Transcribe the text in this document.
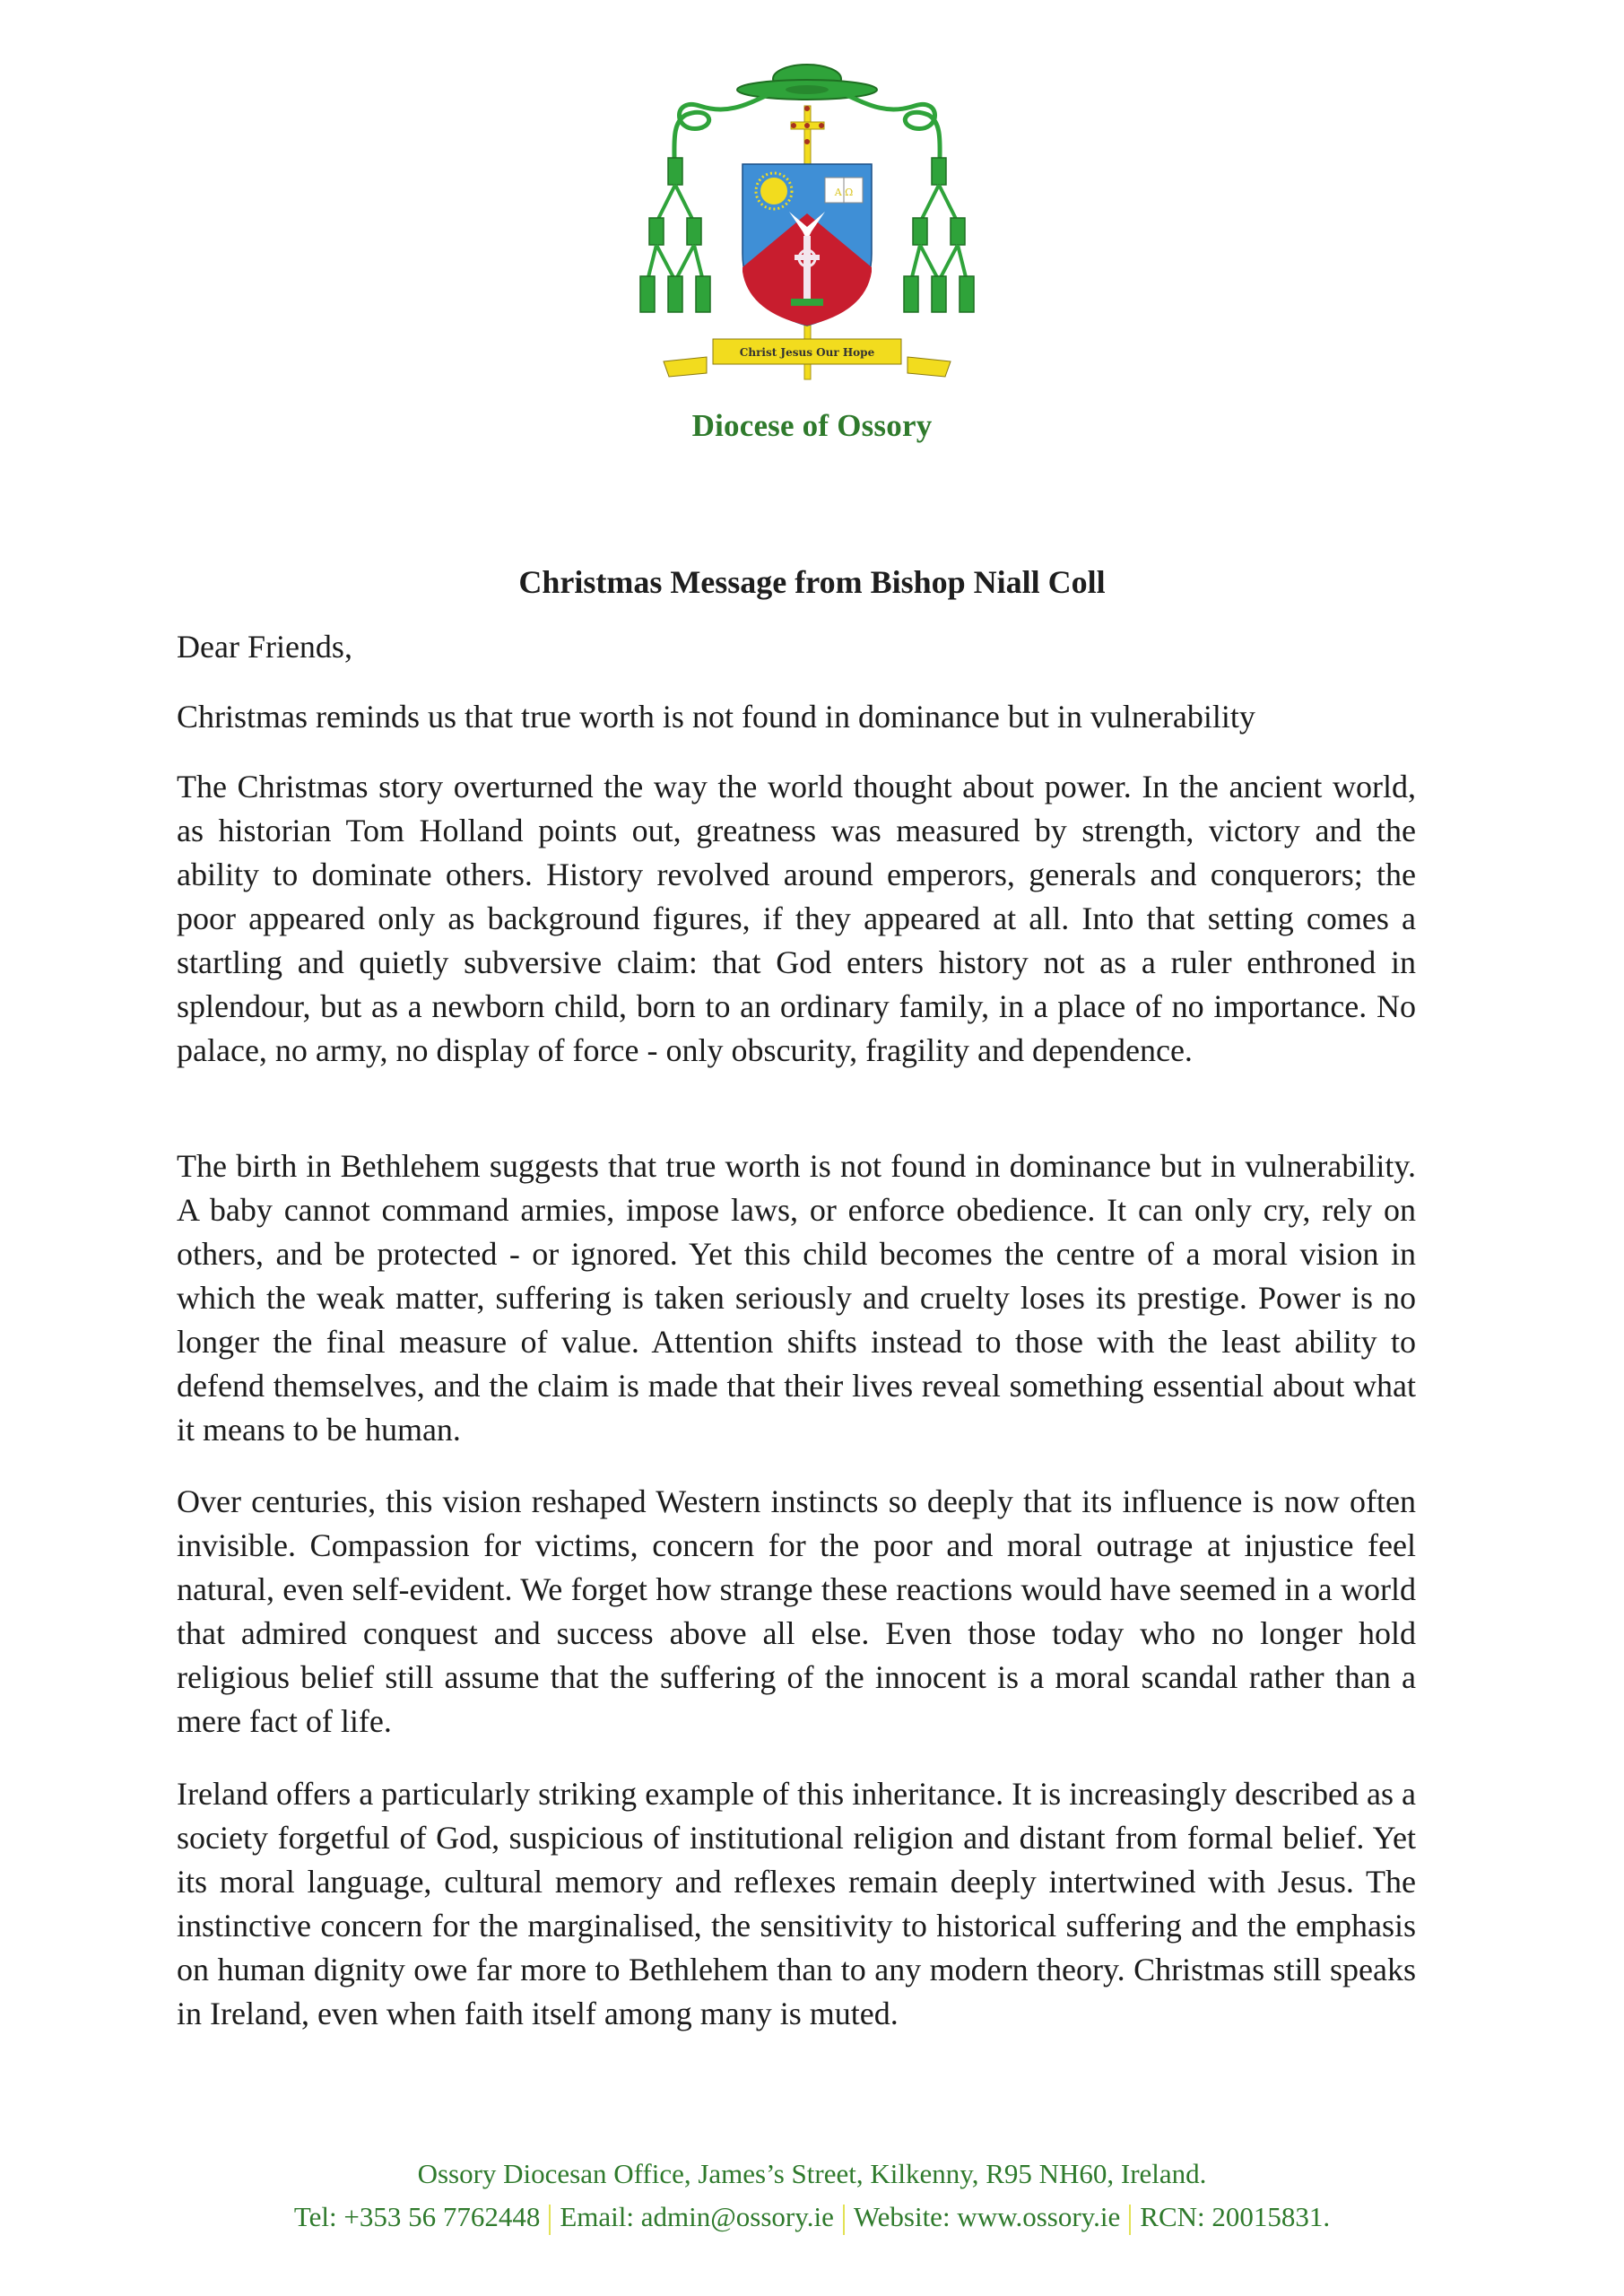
Α Ω
Christ Jesus Our Hope
Diocese of Ossory
Christmas Message from Bishop Niall Coll
Dear Friends,
Christmas reminds us that true worth is not found in dominance but in vulnerability

The Christmas story overturned the way the world thought about power. In the ancient world, as historian Tom Holland points out, greatness was measured by strength, victory and the ability to dominate others. History revolved around emperors, generals and conquerors; the poor appeared only as background figures, if they appeared at all. Into that setting comes a startling and quietly subversive claim: that God enters history not as a ruler enthroned in splendour, but as a newborn child, born to an ordinary family, in a place of no importance. No palace, no army, no display of force - only obscurity, fragility and dependence.

The birth in Bethlehem suggests that true worth is not found in dominance but in vulnerability. A baby cannot command armies, impose laws, or enforce obedience. It can only cry, rely on others, and be protected - or ignored. Yet this child becomes the centre of a moral vision in which the weak matter, suffering is taken seriously and cruelty loses its prestige. Power is no longer the final measure of value. Attention shifts instead to those with the least ability to defend themselves, and the claim is made that their lives reveal something essential about what it means to be human.

Over centuries, this vision reshaped Western instincts so deeply that its influence is now often invisible. Compassion for victims, concern for the poor and moral outrage at injustice feel natural, even self-evident. We forget how strange these reactions would have seemed in a world that admired conquest and success above all else. Even those today who no longer hold religious belief still assume that the suffering of the innocent is a moral scandal rather than a mere fact of life.

Ireland offers a particularly striking example of this inheritance. It is increasingly described as a society forgetful of God, suspicious of institutional religion and distant from formal belief. Yet its moral language, cultural memory and reflexes remain deeply intertwined with Jesus. The instinctive concern for the marginalised, the sensitivity to historical suffering and the emphasis on human dignity owe far more to Bethlehem than to any modern theory. Christmas still speaks in Ireland, even when faith itself among many is muted.

Ossory Diocesan Office, James’s Street, Kilkenny, R95 NH60, Ireland.
Tel: +353 56 7762448 Email: admin@ossory.ie Website: www.ossory.ie RCN: 20015831.
